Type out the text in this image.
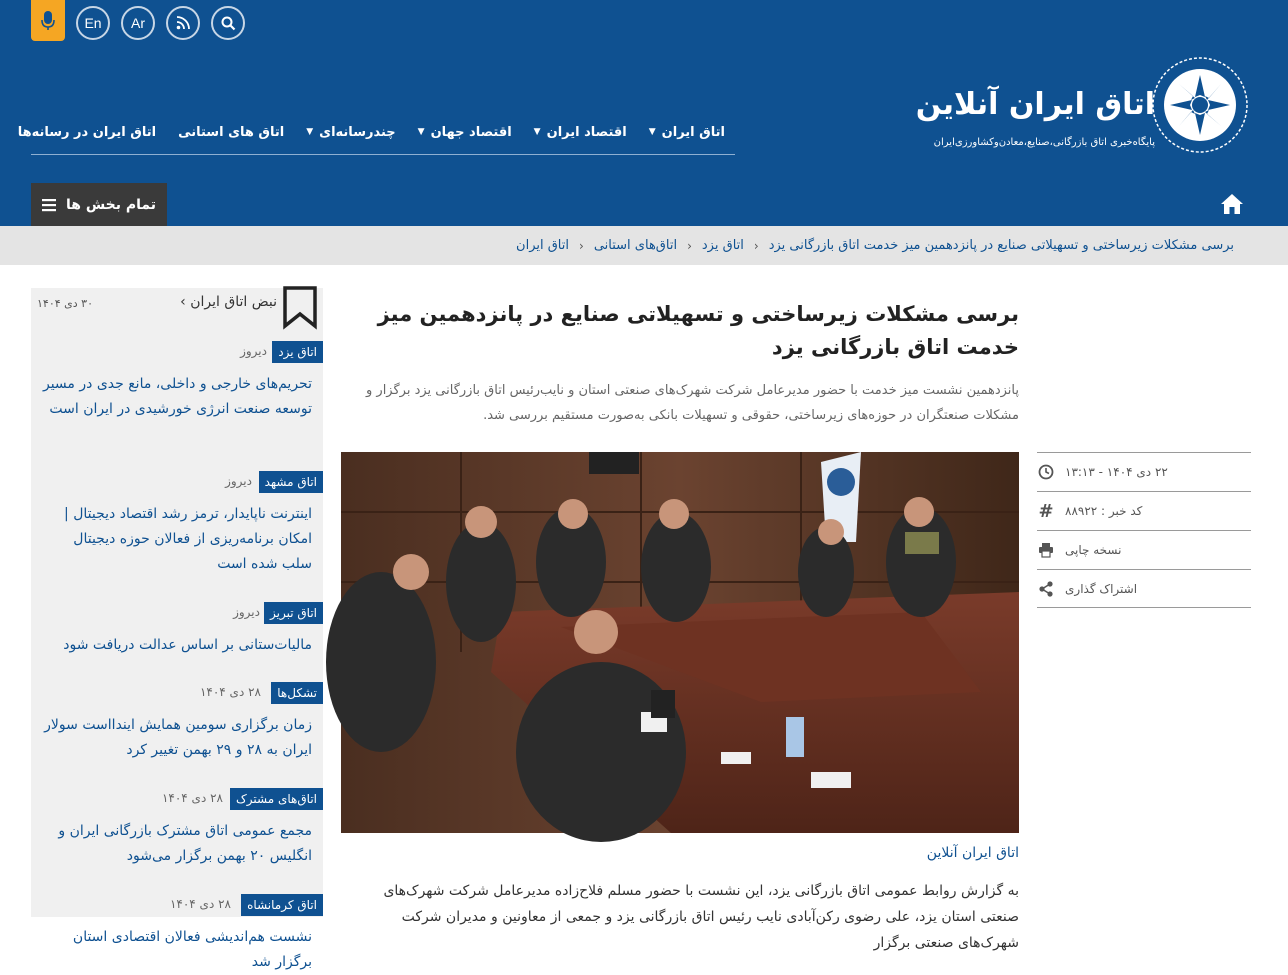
En	Ar
اتاق ایران آنلاین
پایگاه‌خبری اتاق بازرگانی،صنایع،معادن‌وکشاورزی‌ایران
اتاق ایران
▼
اقتصاد ایران
▼
اقتصاد جهان
▼
چندرسانه‌ای
▼
اتاق های استانی
اتاق ایران در رسانه‌ها
تمام بخش ها
اتاق ایران ‹ اتاق‌های استانی ‹ اتاق یزد ‹ برسی مشکلات زیرساختی و تسهیلاتی صنایع در پانزدهمین میز خدمت اتاق بازرگانی یزد
برسی مشکلات زیرساختی و تسهیلاتی صنایع در پانزدهمین میز خدمت اتاق بازرگانی یزد

پانزدهمین نشست میز خدمت با حضور مدیرعامل شرکت شهرک‌های صنعتی استان و نایب‌رئیس اتاق بازرگانی یزد برگزار و مشکلات صنعتگران در حوزه‌های زیرساختی، حقوقی و تسهیلات بانکی به‌صورت مستقیم بررسی شد.

اتاق ایران آنلاین

به گزارش روابط عمومی اتاق بازرگانی یزد، این نشست با حضور مسلم فلاح‌زاده مدیرعامل شرکت شهرک‌های صنعتی استان یزد، علی رضوی رکن‌آبادی نایب رئیس اتاق بازرگانی یزد و جمعی از معاونین و مدیران شرکت شهرک‌های صنعتی برگزار

۲۲ دی ۱۴۰۴ - ۱۳:۱۳
# کد خبر : ۸۸۹۲۲
نسخه چاپی
اشتراک گذاری
نبض اتاق ایران ›
۳۰ دی ۱۴۰۴
اتاق یزد
دیروز
تحریم‌های خارجی و داخلی، مانع جدی در مسیر توسعه صنعت انرژی خورشیدی در ایران است
اتاق مشهد
دیروز
اینترنت ناپایدار، ترمز رشد اقتصاد دیجیتال | امکان برنامه‌ریزی از فعالان حوزه دیجیتال سلب شده است
اتاق تبریز
دیروز
مالیات‌ستانی بر اساس عدالت دریافت شود
تشکل‌ها
۲۸ دی ۱۴۰۴
زمان برگزاری سومین همایش ایندااست سولار ایران به ۲۸ و ۲۹ بهمن تغییر کرد
اتاق‌های مشترک
۲۸ دی ۱۴۰۴
مجمع عمومی اتاق مشترک بازرگانی ایران و انگلیس ۲۰ بهمن برگزار می‌شود
اتاق کرمانشاه
۲۸ دی ۱۴۰۴
نشست هم‌اندیشی فعالان اقتصادی استان برگزار شد
